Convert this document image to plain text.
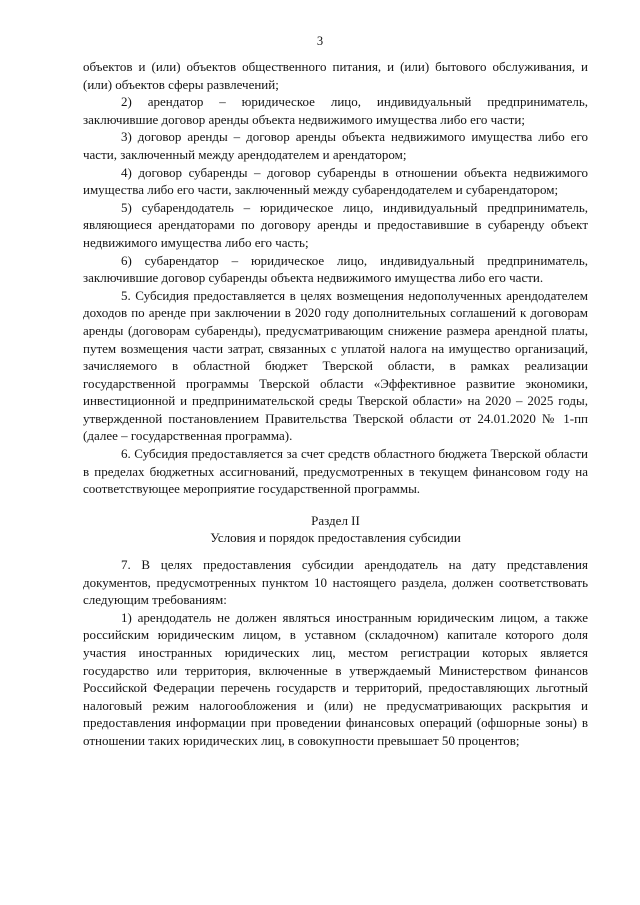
3

объектов и (или) объектов общественного питания, и (или) бытового обслуживания, и (или) объектов сферы развлечений;

2) арендатор – юридическое лицо, индивидуальный предприниматель, заключившие договор аренды объекта недвижимого имущества либо его части;

3) договор аренды – договор аренды объекта недвижимого имущества либо его части, заключенный между арендодателем и арендатором;

4) договор субаренды – договор субаренды в отношении объекта недвижимого имущества либо его части, заключенный между субарендодателем и субарендатором;

5) субарендодатель – юридическое лицо, индивидуальный предприниматель, являющиеся арендаторами по договору аренды и предоставившие в субаренду объект недвижимого имущества либо его часть;

6) субарендатор – юридическое лицо, индивидуальный предприниматель, заключившие договор субаренды объекта недвижимого имущества либо его части.

5. Субсидия предоставляется в целях возмещения недополученных арендодателем доходов по аренде при заключении в 2020 году дополнительных соглашений к договорам аренды (договорам субаренды), предусматривающим снижение размера арендной платы, путем возмещения части затрат, связанных с уплатой налога на имущество организаций, зачисляемого в областной бюджет Тверской области, в рамках реализации государственной программы Тверской области «Эффективное развитие экономики, инвестиционной и предпринимательской среды Тверской области» на 2020 – 2025 годы, утвержденной постановлением Правительства Тверской области от 24.01.2020 № 1-пп (далее – государственная программа).

6. Субсидия предоставляется за счет средств областного бюджета Тверской области в пределах бюджетных ассигнований, предусмотренных в текущем финансовом году на соответствующее мероприятие государственной программы.

Раздел II

Условия и порядок предоставления субсидии

7. В целях предоставления субсидии арендодатель на дату представления документов, предусмотренных пунктом 10 настоящего раздела, должен соответствовать следующим требованиям:

1) арендодатель не должен являться иностранным юридическим лицом, а также российским юридическим лицом, в уставном (складочном) капитале которого доля участия иностранных юридических лиц, местом регистрации которых является государство или территория, включенные в утверждаемый Министерством финансов Российской Федерации перечень государств и территорий, предоставляющих льготный налоговый режим налогообложения и (или) не предусматривающих раскрытия и предоставления информации при проведении финансовых операций (офшорные зоны) в отношении таких юридических лиц, в совокупности превышает 50 процентов;
